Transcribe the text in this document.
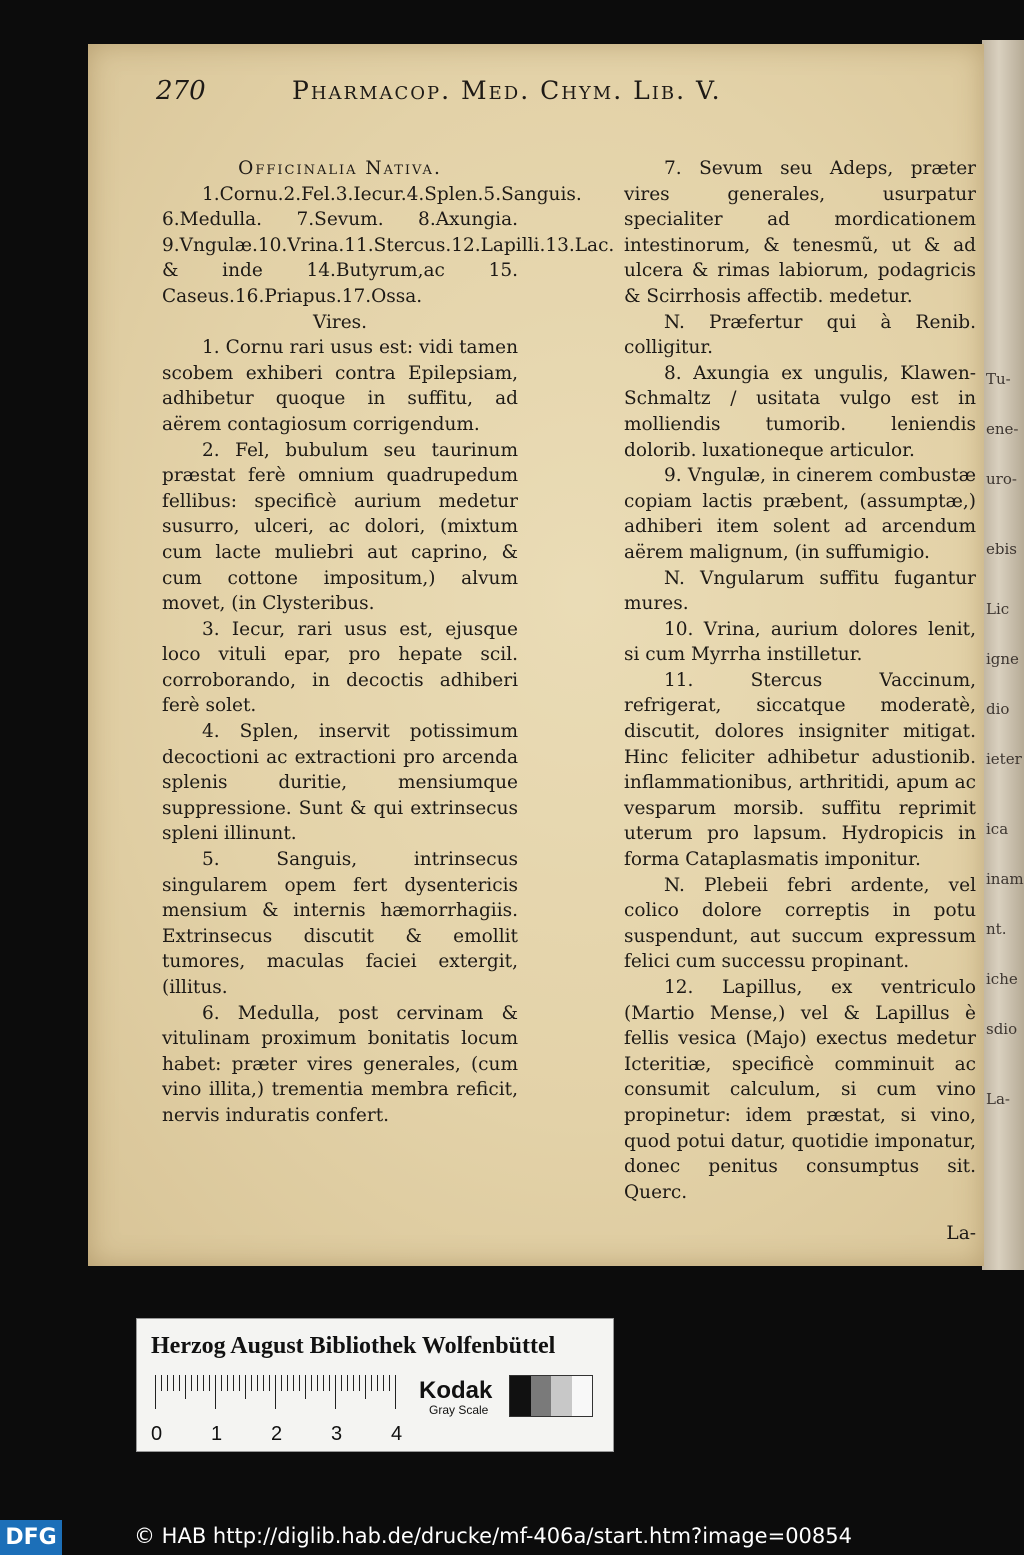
Tu-
ene-
uro-
ebis
Lic
igne
dio
ieter
ica
inam
nt.
iche
sdio
La-
270	Pharmacop. Med. Chym. Lib. V.

Officinalia Nativa.

1.Cornu.2.Fel.3.Iecur.4.Splen.5.Sanguis. 6.Medulla. 7.Sevum. 8.Axungia. 9.Vngulæ.10.Vrina.11.Stercus.12.Lapilli.13.Lac. & inde 14.Butyrum,ac 15. Caseus.16.Priapus.17.Ossa.

Vires.

1. Cornu rari usus est: vidi tamen scobem exhiberi contra Epilepsiam, adhibetur quoque in suffitu, ad aërem contagiosum corrigendum.

2. Fel, bubulum seu taurinum præstat ferè omnium quadrupedum fellibus: specificè aurium medetur susurro, ulceri, ac dolori, (mixtum cum lacte muliebri aut caprino, & cum cottone impositum,) alvum movet, (in Clysteribus.

3. Iecur, rari usus est, ejusque loco vituli epar, pro hepate scil. corroborando, in decoctis adhiberi ferè solet.

4. Splen, inservit potissimum decoctioni ac extractioni pro arcenda splenis duritie, mensiumque suppressione. Sunt & qui extrinsecus spleni illinunt.

5. Sanguis, intrinsecus singularem opem fert dysentericis mensium & internis hæmorrhagiis. Extrinsecus discutit & emollit tumores, maculas faciei extergit, (illitus.

6. Medulla, post cervinam & vitulinam proximum bonitatis locum habet: præter vires generales, (cum vino illita,) trementia membra reficit, nervis induratis confert.

7. Sevum seu Adeps, præter vires generales, usurpatur specialiter ad mordicationem intestinorum, & tenesmũ, ut & ad ulcera & rimas labiorum, podagricis & Scirrhosis affectib. medetur.

N. Præfertur qui à Renib. colligitur.

8. Axungia ex ungulis, Klawen-Schmaltz / usitata vulgo est in molliendis tumorib. leniendis dolorib. luxationeque articulor.

9. Vngulæ, in cinerem combustæ copiam lactis præbent, (assumptæ,) adhiberi item solent ad arcendum aërem malignum, (in suffumigio.

N. Vngularum suffitu fugantur mures.

10. Vrina, aurium dolores lenit, si cum Myrrha instilletur.

11. Stercus Vaccinum, refrigerat, siccatque moderatè, discutit, dolores insigniter mitigat. Hinc feliciter adhibetur adustionib. inflammationibus, arthritidi, apum ac vesparum morsib. suffitu reprimit uterum pro lapsum. Hydropicis in forma Cataplasmatis imponitur.

N. Plebeii febri ardente, vel colico dolore correptis in potu suspendunt, aut succum expressum felici cum successu propinant.

12. Lapillus, ex ventriculo (Martio Mense,) vel & Lapillus è fellis vesica (Majo) exectus medetur Icteritiæ, specificè comminuit ac consumit calculum, si cum vino propinetur: idem præstat, si vino, quod potui datur, quotidie imponatur, donec penitus consumptus sit. Querc.

La-

Herzog August Bibliothek Wolfenbüttel
0 1 2 3 4
Kodak
Gray Scale
DFG	© HAB http://diglib.hab.de/drucke/mf-406a/start.htm?image=00854
